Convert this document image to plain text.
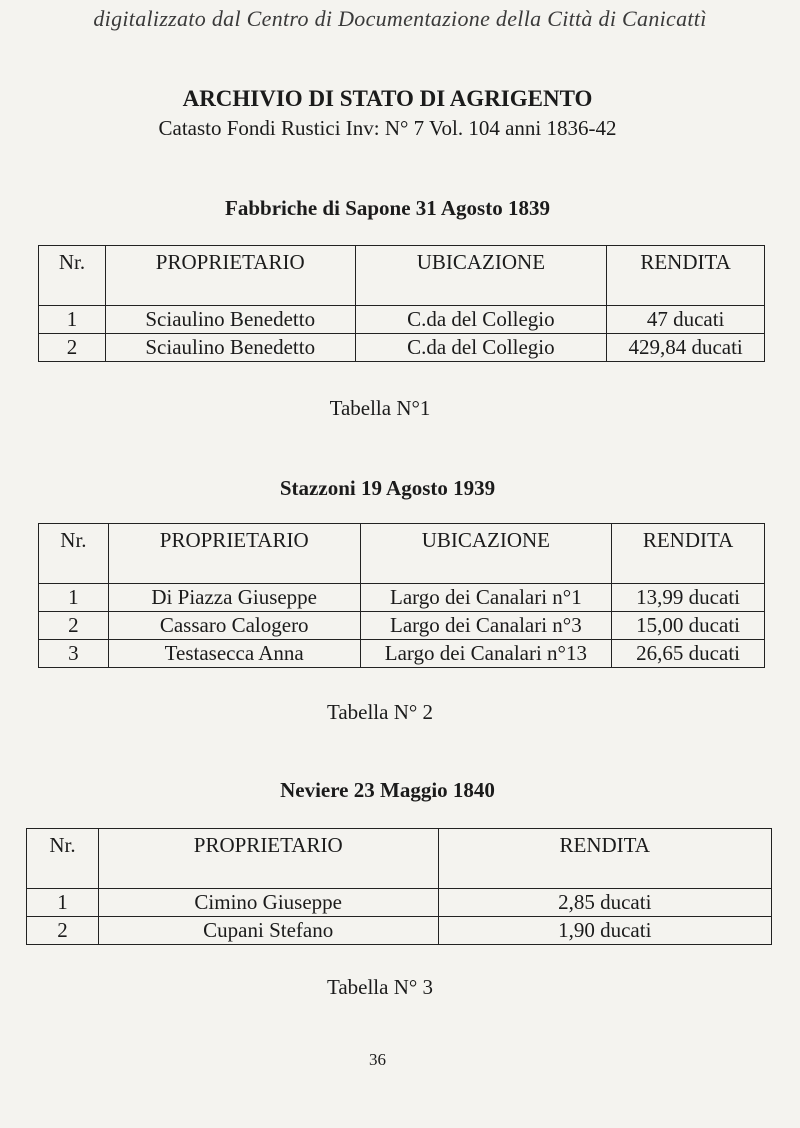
digitalizzato dal Centro di Documentazione della Città di Canicattì
ARCHIVIO DI STATO DI AGRIGENTO
Catasto Fondi Rustici Inv: N° 7 Vol. 104 anni 1836-42
Fabbriche di Sapone 31 Agosto 1839
Nr.	PROPRIETARIO	UBICAZIONE	RENDITA
1	Sciaulino Benedetto	C.da del Collegio	47 ducati
2	Sciaulino Benedetto	C.da del Collegio	429,84 ducati
Tabella N°1
Stazzoni 19 Agosto 1939
Nr.	PROPRIETARIO	UBICAZIONE	RENDITA
1	Di Piazza Giuseppe	Largo dei Canalari n°1	13,99 ducati
2	Cassaro Calogero	Largo dei Canalari n°3	15,00 ducati
3	Testasecca Anna	Largo dei Canalari n°13	26,65 ducati
Tabella N° 2
Neviere 23 Maggio 1840
Nr.	PROPRIETARIO	RENDITA
1	Cimino Giuseppe	2,85 ducati
2	Cupani Stefano	1,90 ducati
Tabella N° 3
36
